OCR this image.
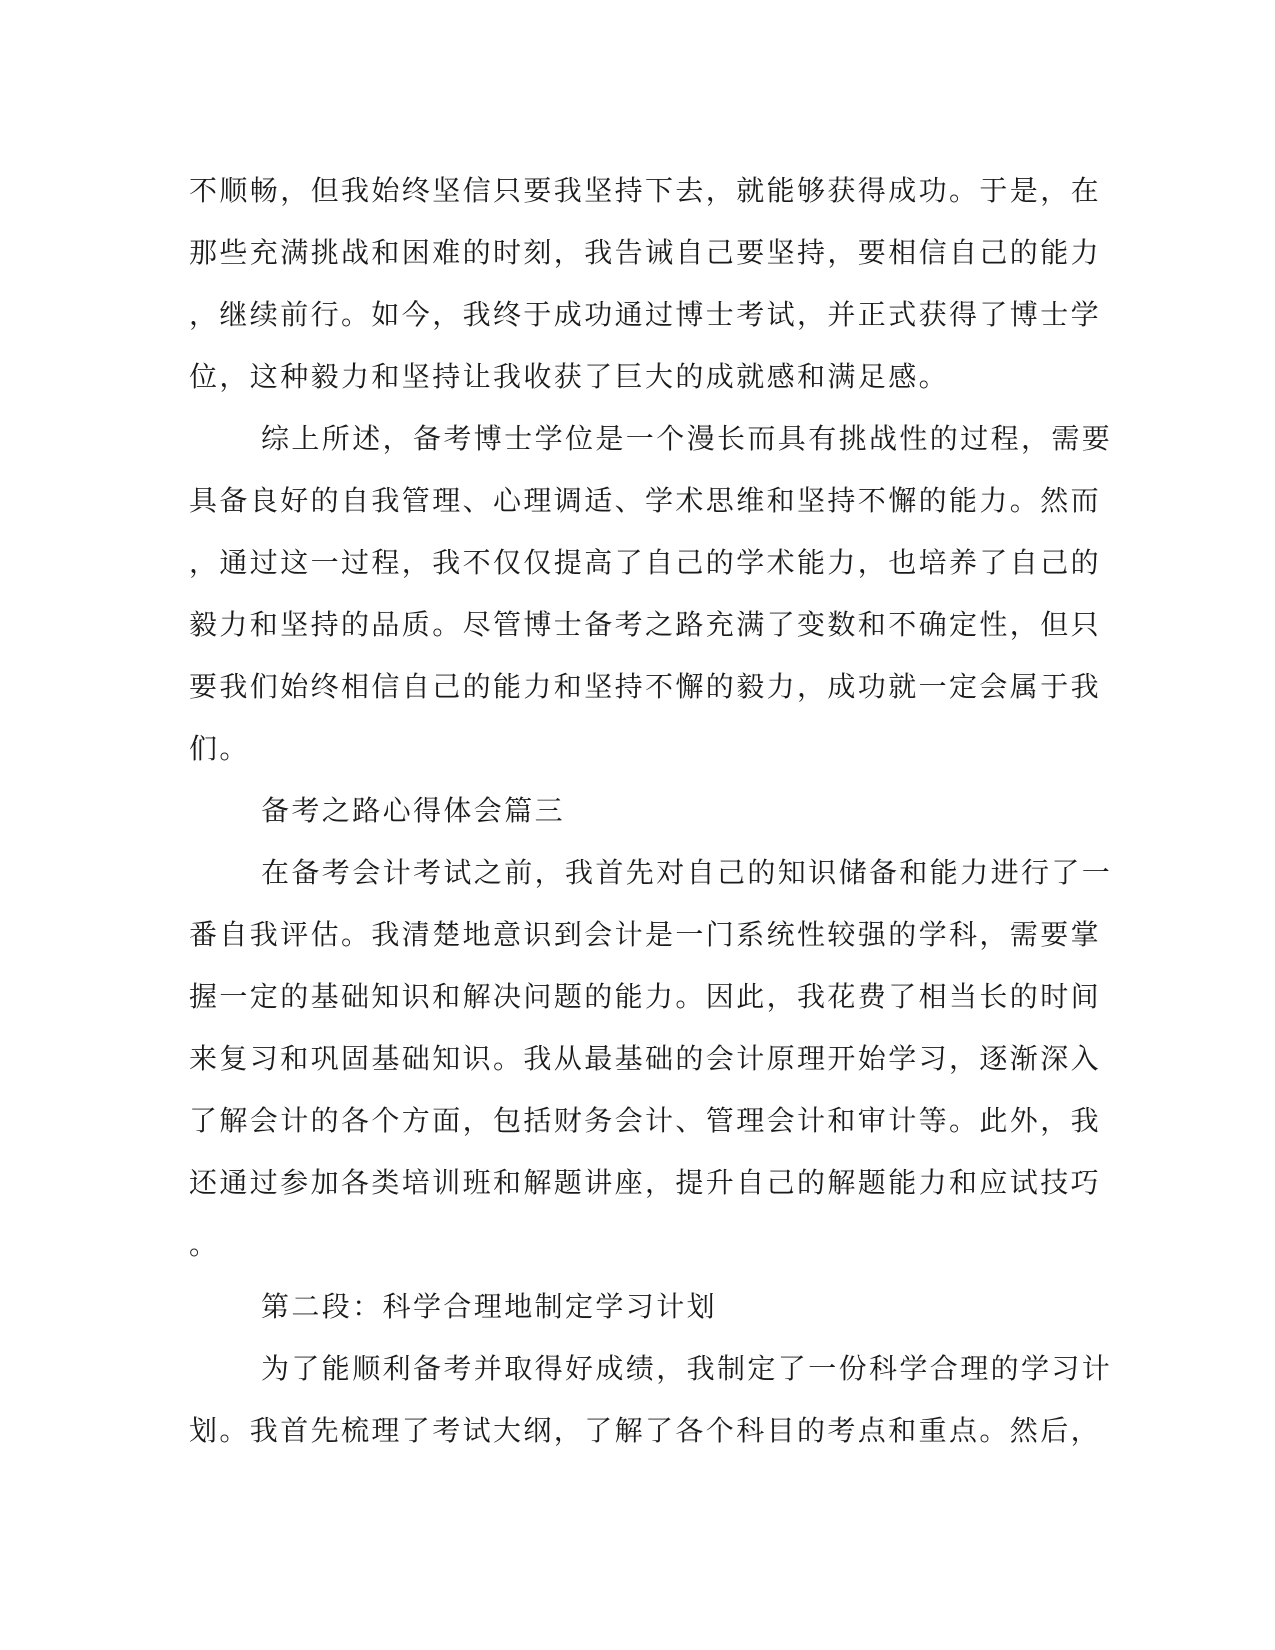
不顺畅，但我始终坚信只要我坚持下去，就能够获得成功。于是，在
那些充满挑战和困难的时刻，我告诫自己要坚持，要相信自己的能力
，继续前行。如今，我终于成功通过博士考试，并正式获得了博士学
位，这种毅力和坚持让我收获了巨大的成就感和满足感。

综上所述，备考博士学位是一个漫长而具有挑战性的过程，需要
具备良好的自我管理、心理调适、学术思维和坚持不懈的能力。然而
，通过这一过程，我不仅仅提高了自己的学术能力，也培养了自己的
毅力和坚持的品质。尽管博士备考之路充满了变数和不确定性，但只
要我们始终相信自己的能力和坚持不懈的毅力，成功就一定会属于我
们。

备考之路心得体会篇三

在备考会计考试之前，我首先对自己的知识储备和能力进行了一
番自我评估。我清楚地意识到会计是一门系统性较强的学科，需要掌
握一定的基础知识和解决问题的能力。因此，我花费了相当长的时间
来复习和巩固基础知识。我从最基础的会计原理开始学习，逐渐深入
了解会计的各个方面，包括财务会计、管理会计和审计等。此外，我
还通过参加各类培训班和解题讲座，提升自己的解题能力和应试技巧
。

第二段：科学合理地制定学习计划

为了能顺利备考并取得好成绩，我制定了一份科学合理的学习计
划。我首先梳理了考试大纲，了解了各个科目的考点和重点。然后，
